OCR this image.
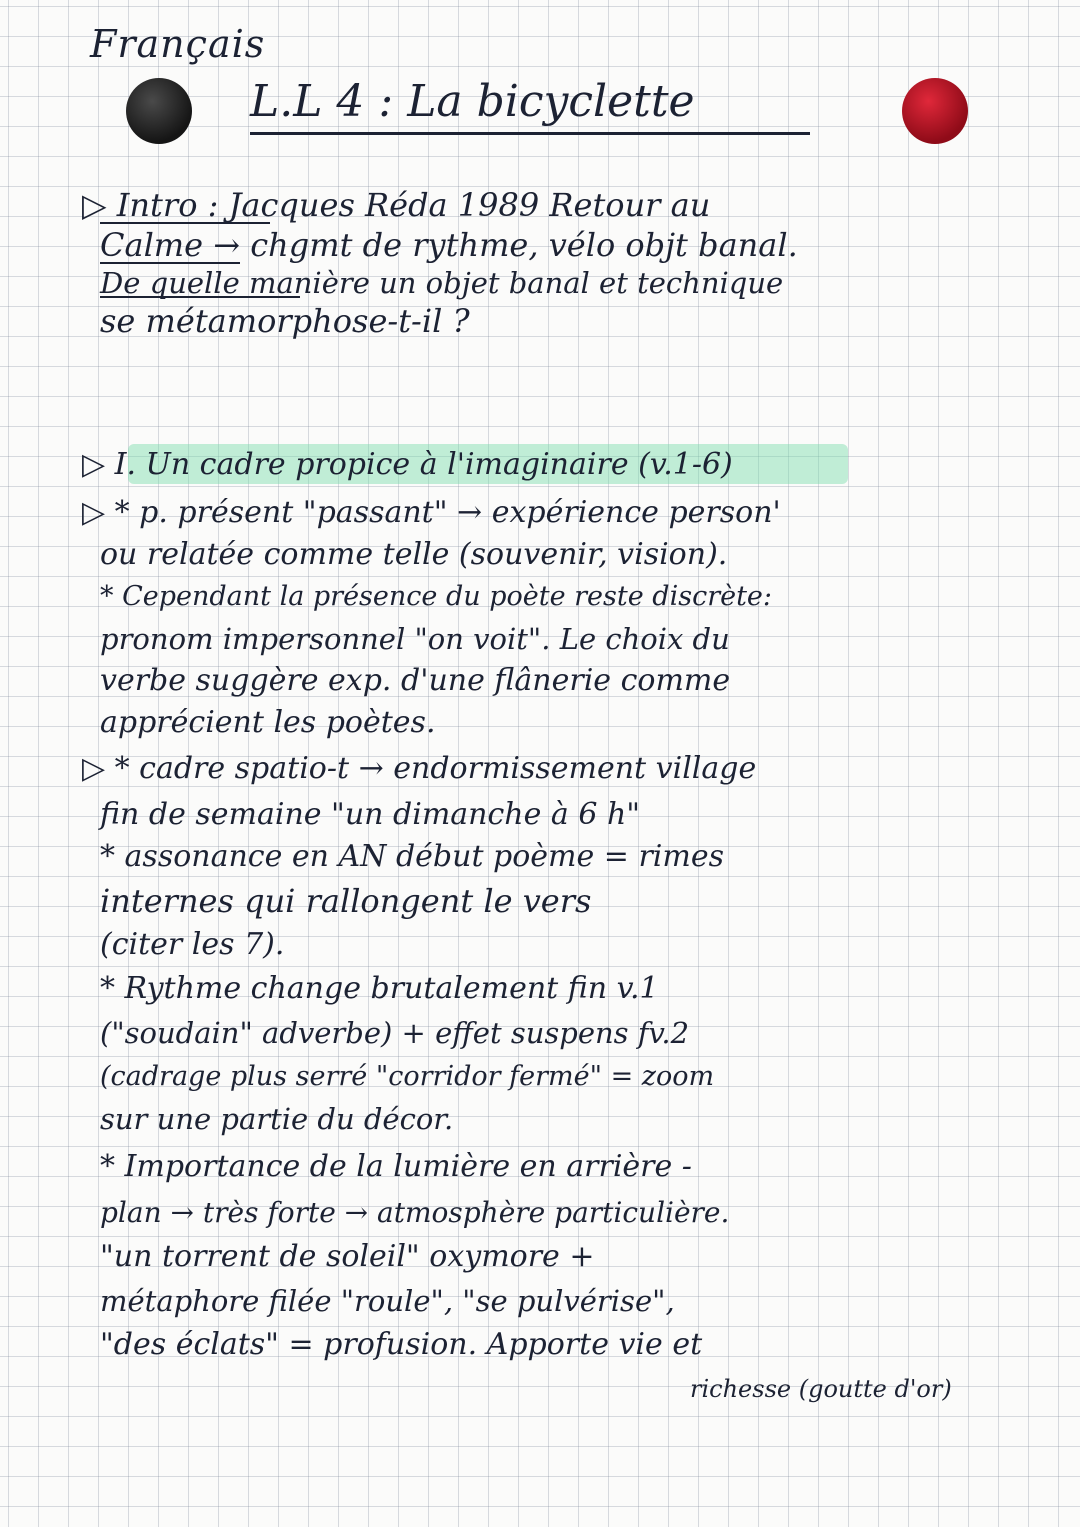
Français
L.L 4 : La bicyclette
▷ Intro : Jacques Réda 1989 Retour au
Calme → chgmt de rythme, vélo objt banal.
De quelle manière un objet banal et technique
se métamorphose-t-il ?
▷ I. Un cadre propice à l'imaginaire (v.1-6)
▷ * p. présent "passant" → expérience person'
ou relatée comme telle (souvenir, vision).
* Cependant la présence du poète reste discrète:
pronom impersonnel "on voit". Le choix du
verbe suggère exp. d'une flânerie comme
apprécient les poètes.
▷ * cadre spatio-t → endormissement village
fin de semaine "un dimanche à 6 h"
* assonance en AN début poème = rimes
internes qui rallongent le vers
(citer les 7).
* Rythme change brutalement fin v.1
("soudain" adverbe) + effet suspens fv.2
(cadrage plus serré "corridor fermé" = zoom
sur une partie du décor.
* Importance de la lumière en arrière -
plan → très forte → atmosphère particulière.
"un torrent de soleil" oxymore +
métaphore filée "roule", "se pulvérise",
"des éclats" = profusion. Apporte vie et
richesse (goutte d'or)
